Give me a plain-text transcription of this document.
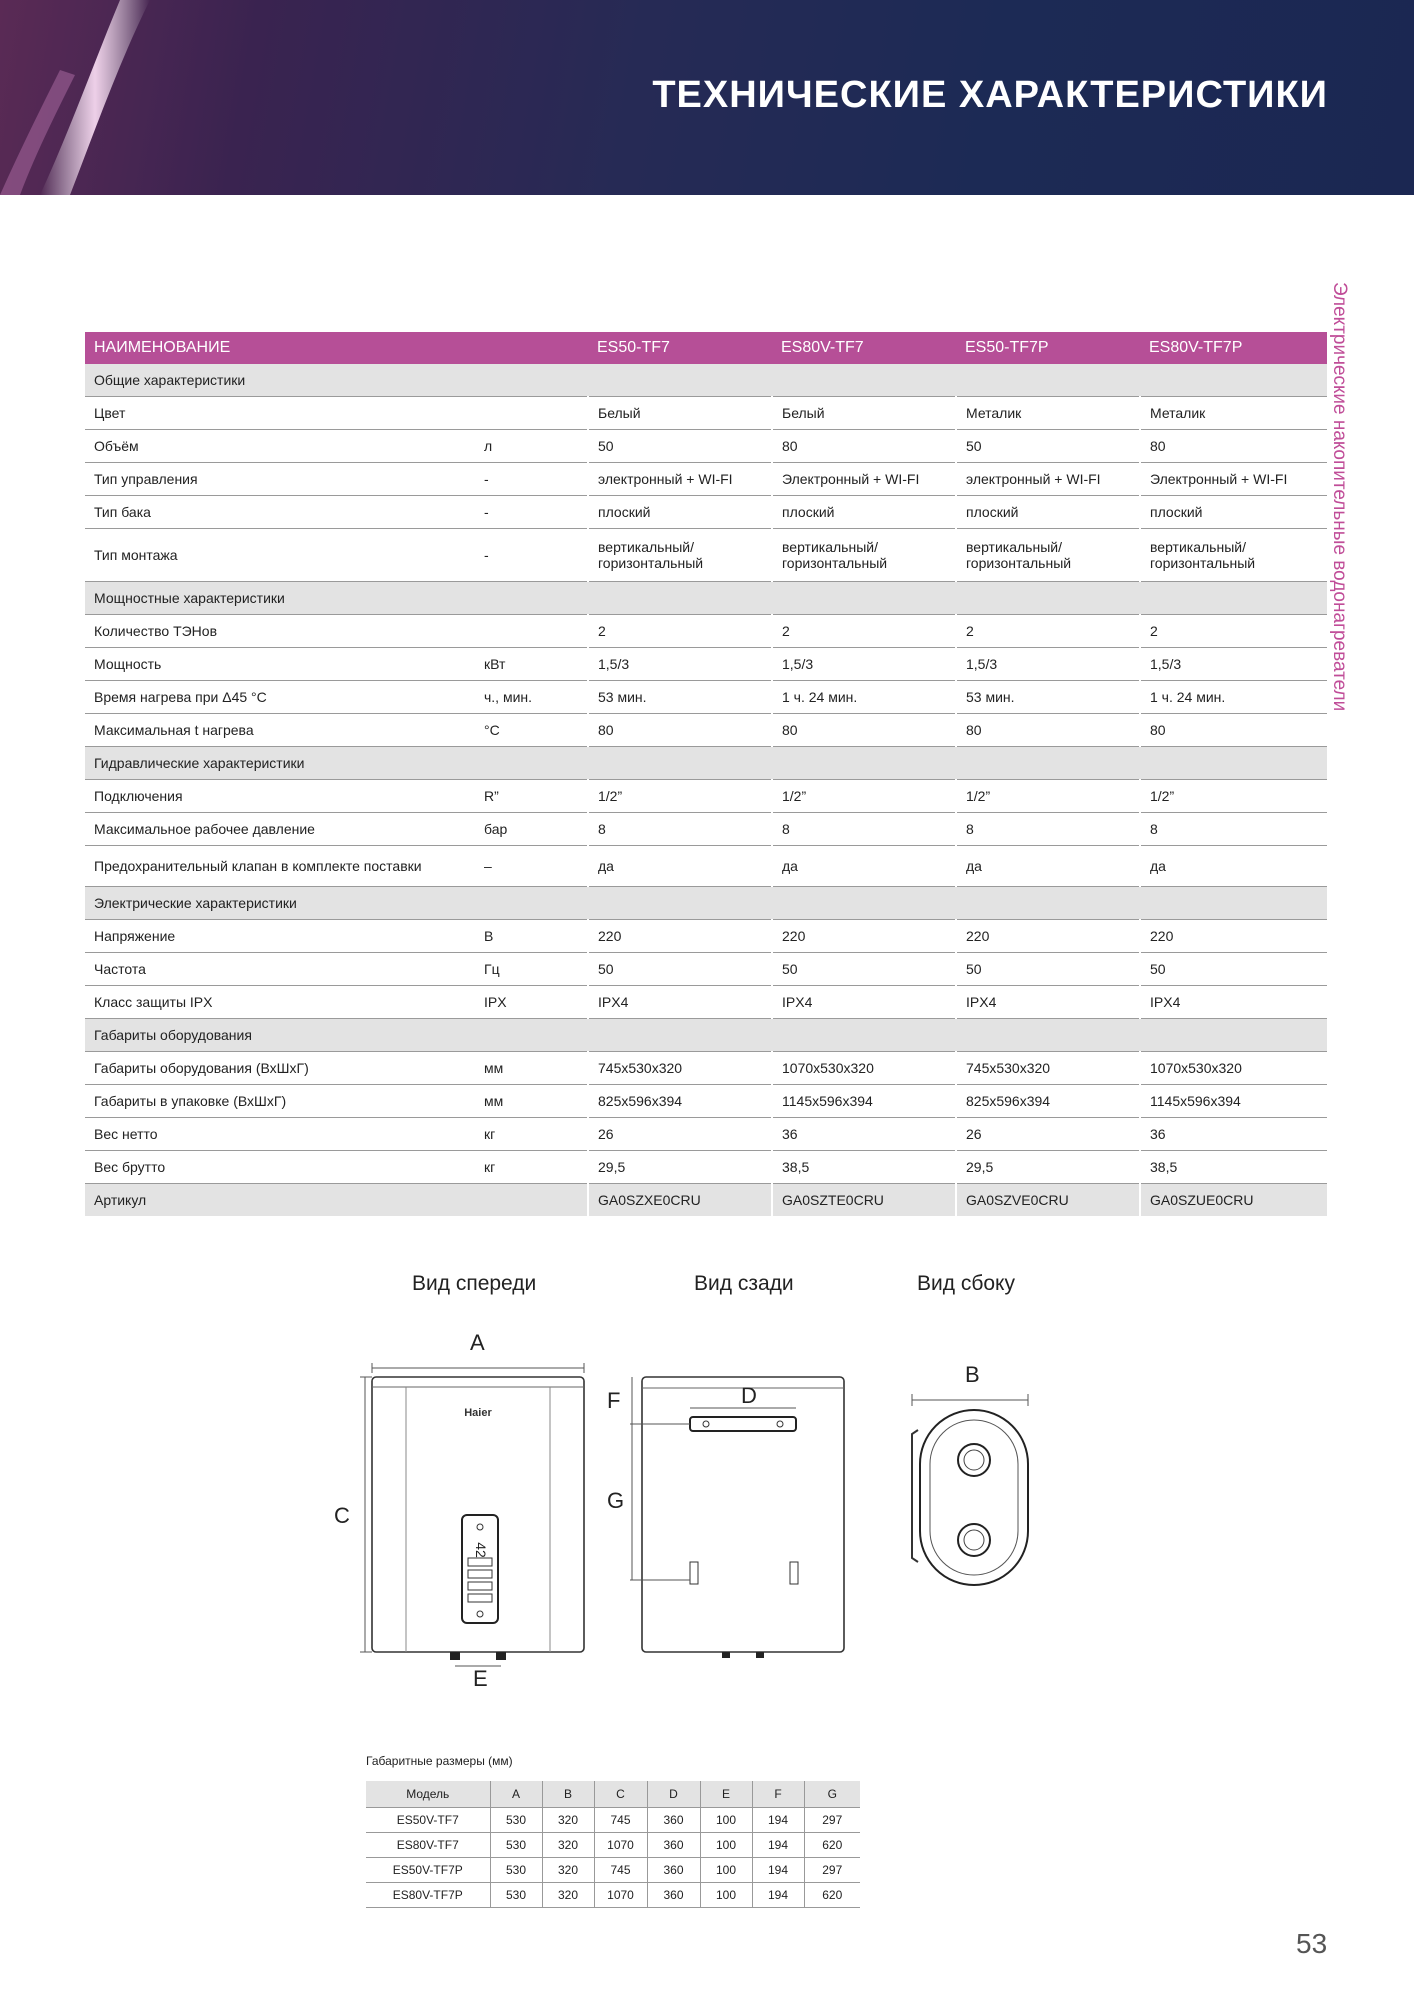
ТЕХНИЧЕСКИЕ ХАРАКТЕРИСТИКИ
Электрические накопительные водонагреватели
НАИМЕНОВАНИЕ		ES50-TF7	ES80V-TF7	ES50-TF7P	ES80V-TF7P
Общие характеристики					
Цвет		Белый	Белый	Металик	Металик
Объём	л	50	80	50	80
Тип управления	-	электронный + WI-FI	Электронный + WI-FI	электронный + WI-FI	Электронный + WI-FI
Тип бака	-	плоский	плоский	плоский	плоский
Тип монтажа	-	вертикальный/ горизонтальный	вертикальный/ горизонтальный	вертикальный/ горизонтальный	вертикальный/ горизонтальный
Мощностные характеристики					
Количество ТЭНов		2	2	2	2
Мощность	кВт	1,5/3	1,5/3	1,5/3	1,5/3
Время нагрева при Δ45 °С	ч., мин.	53 мин.	1 ч. 24 мин.	53 мин.	1 ч. 24 мин.
Максимальная t нагрева	°С	80	80	80	80
Гидравлические характеристики					
Подключения	R”	1/2”	1/2”	1/2”	1/2”
Максимальное рабочее давление	бар	8	8	8	8
Предохранительный клапан в комплекте поставки	–	да	да	да	да
Электрические характеристики					
Напряжение	В	220	220	220	220
Частота	Гц	50	50	50	50
Класс защиты IPX	IPX	IPX4	IPX4	IPX4	IPX4
Габариты оборудования					
Габариты оборудования (ВхШхГ)	мм	745x530x320	1070x530x320	745x530x320	1070x530x320
Габариты в упаковке (ВхШхГ)	мм	825x596x394	1145x596x394	825x596x394	1145x596x394
Вес нетто	кг	26	36	26	36
Вес брутто	кг	29,5	38,5	29,5	38,5
Артикул		GA0SZXE0CRU	GA0SZTE0CRU	GA0SZVE0CRU	GA0SZUE0CRU
Вид спереди	Вид сзади	Вид сбоку
Haier
42
A
C
E
D
F
G
B
Габаритные размеры (мм)
Модель	A	B	C	D	E	F	G
ES50V-TF7	530	320	745	360	100	194	297
ES80V-TF7	530	320	1070	360	100	194	620
ES50V-TF7P	530	320	745	360	100	194	297
ES80V-TF7P	530	320	1070	360	100	194	620
53
